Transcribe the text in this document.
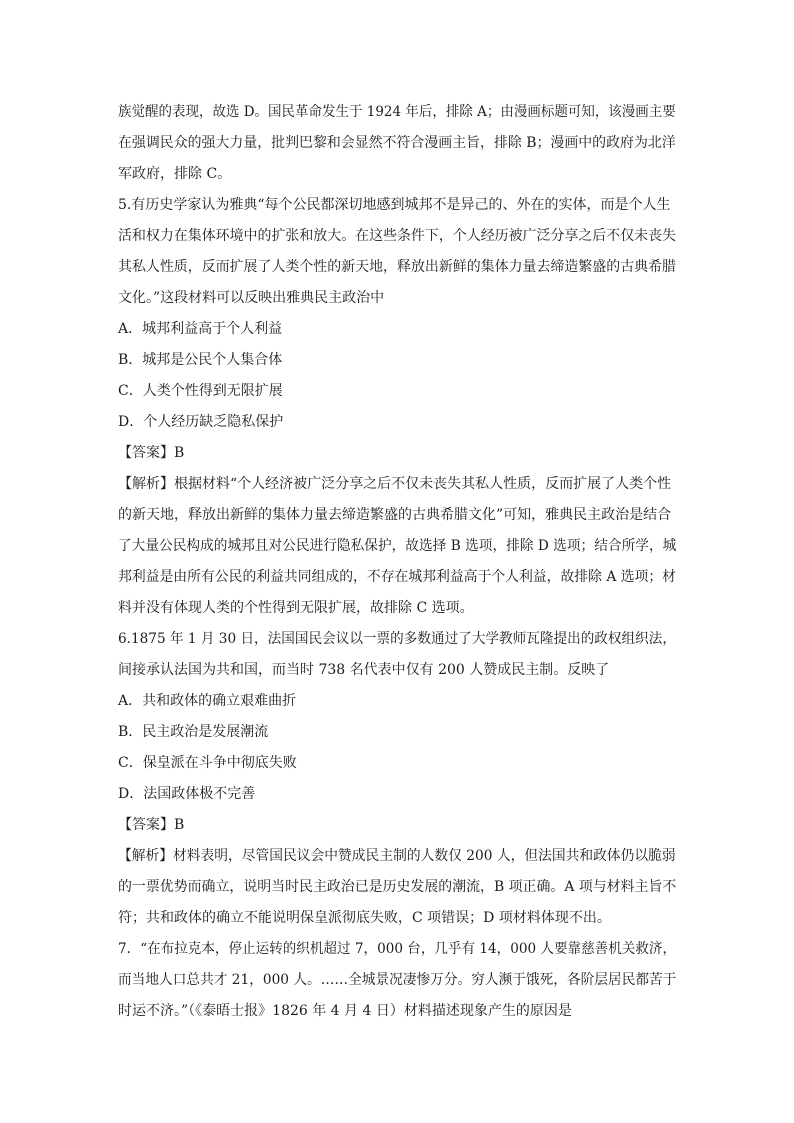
族觉醒的表现，故选 D。国民革命发生于 1924 年后，排除 A；由漫画标题可知，该漫画主要
在强调民众的强大力量，批判巴黎和会显然不符合漫画主旨，排除 B；漫画中的政府为北洋
军政府，排除 C。
5.有历史学家认为雅典“每个公民都深切地感到城邦不是异己的、外在的实体，而是个人生
活和权力在集体环境中的扩张和放大。在这些条件下，个人经历被广泛分享之后不仅未丧失
其私人性质，反而扩展了人类个性的新天地，释放出新鲜的集体力量去缔造繁盛的古典希腊
文化。”这段材料可以反映出雅典民主政治中
A．城邦利益高于个人利益
B．城邦是公民个人集合体
C．人类个性得到无限扩展
D．个人经历缺乏隐私保护
【答案】B
【解析】根据材料“个人经济被广泛分享之后不仅未丧失其私人性质，反而扩展了人类个性
的新天地，释放出新鲜的集体力量去缔造繁盛的古典希腊文化”可知，雅典民主政治是结合
了大量公民构成的城邦且对公民进行隐私保护，故选择 B 选项，排除 D 选项；结合所学，城
邦利益是由所有公民的利益共同组成的，不存在城邦利益高于个人利益，故排除 A 选项；材
料并没有体现人类的个性得到无限扩展，故排除 C 选项。
6.1875 年 1 月 30 日，法国国民会议以一票的多数通过了大学教师瓦隆提出的政权组织法，
间接承认法国为共和国，而当时 738 名代表中仅有 200 人赞成民主制。反映了
A．共和政体的确立艰难曲折
B．民主政治是发展潮流
C．保皇派在斗争中彻底失败
D．法国政体极不完善
【答案】B
【解析】材料表明，尽管国民议会中赞成民主制的人数仅 200 人，但法国共和政体仍以脆弱
的一票优势而确立，说明当时民主政治已是历史发展的潮流，B 项正确。A 项与材料主旨不
符；共和政体的确立不能说明保皇派彻底失败，C 项错误；D 项材料体现不出。
7．“在布拉克本，停止运转的织机超过 7，000 台，几乎有 14，000 人要靠慈善机关救济，
而当地人口总共才 21，000 人。……全城景况凄惨万分。穷人濒于饿死，各阶层居民都苦于
时运不济。”（《泰晤士报》1826 年 4 月 4 日）材料描述现象产生的原因是
